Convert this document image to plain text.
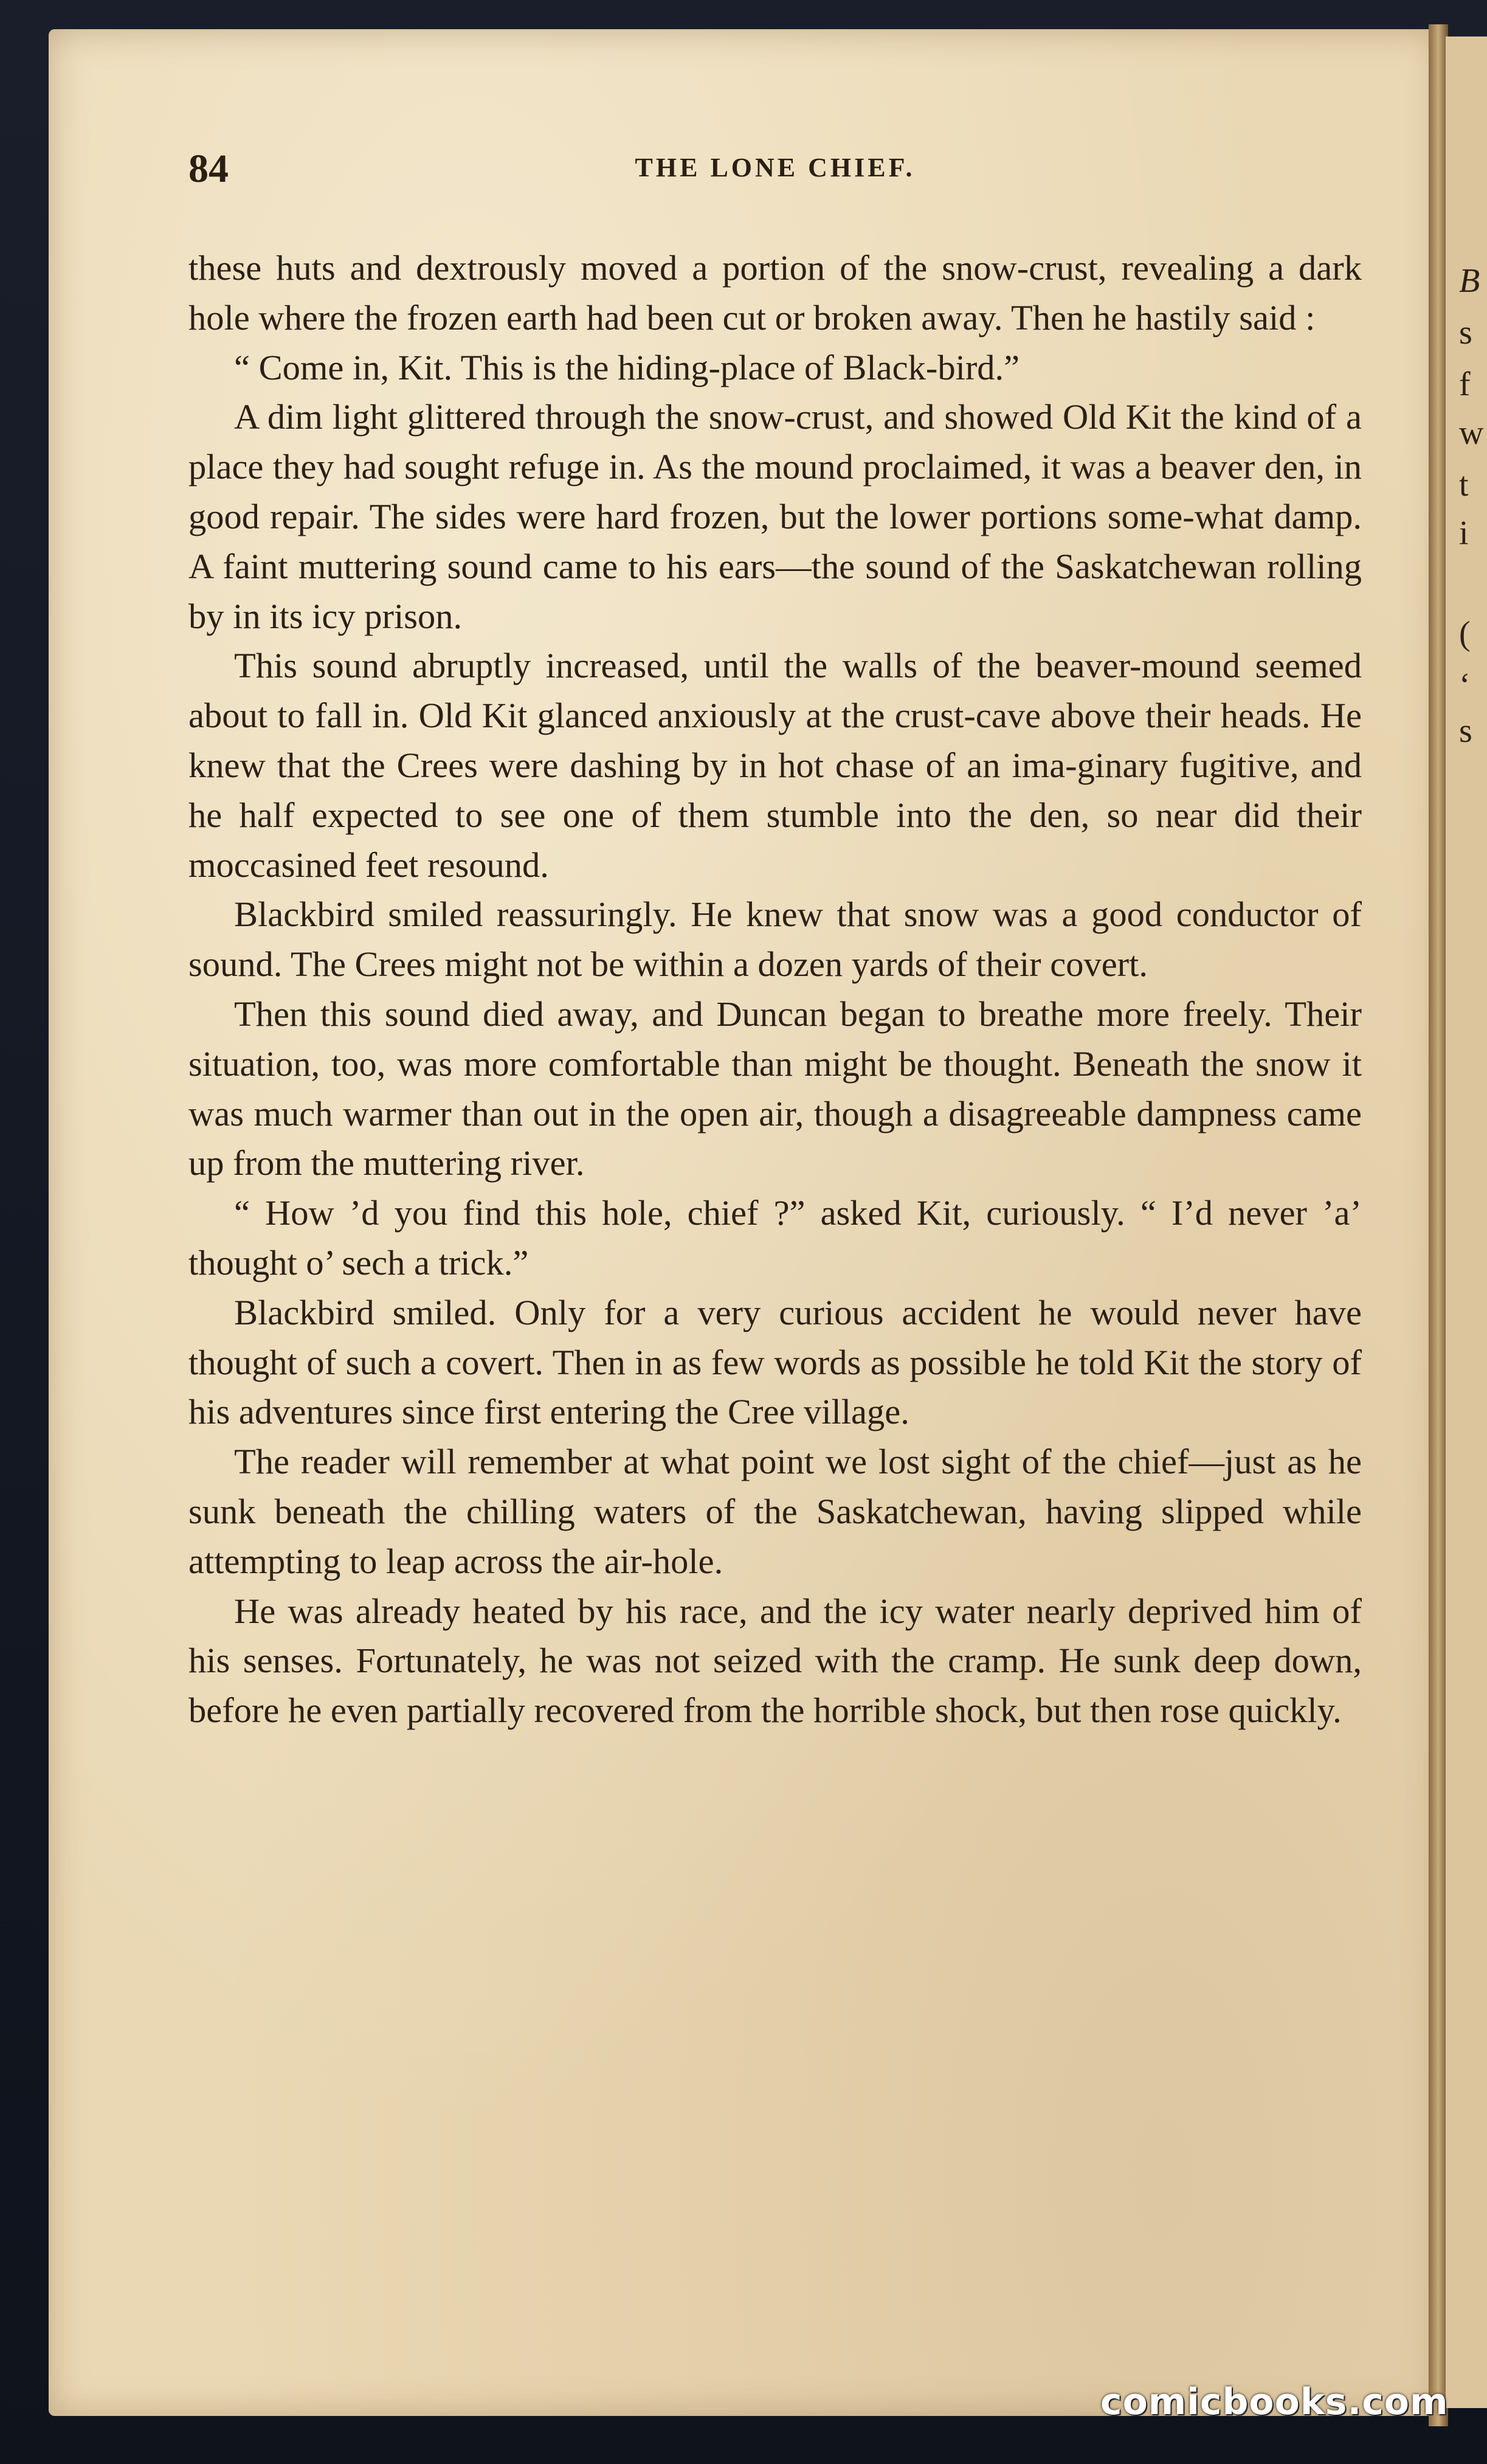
B
s
f
w
t
i
(
‘
s
84	THE LONE CHIEF.

these huts and dextrously moved a portion of the snow-crust, revealing a dark hole where the frozen earth had been cut or broken away. Then he hastily said :

“ Come in, Kit. This is the hiding-place of Black-bird.”

A dim light glittered through the snow-crust, and showed Old Kit the kind of a place they had sought refuge in. As the mound proclaimed, it was a beaver den, in good repair. The sides were hard frozen, but the lower portions some-what damp. A faint muttering sound came to his ears—the sound of the Saskatchewan rolling by in its icy prison.

This sound abruptly increased, until the walls of the beaver-mound seemed about to fall in. Old Kit glanced anxiously at the crust-cave above their heads. He knew that the Crees were dashing by in hot chase of an ima-ginary fugitive, and he half expected to see one of them stumble into the den, so near did their moccasined feet resound.

Blackbird smiled reassuringly. He knew that snow was a good conductor of sound. The Crees might not be within a dozen yards of their covert.

Then this sound died away, and Duncan began to breathe more freely. Their situation, too, was more comfortable than might be thought. Beneath the snow it was much warmer than out in the open air, though a disagreeable dampness came up from the muttering river.

“ How ’d you find this hole, chief ?” asked Kit, curiously. “ I’d never ’a’ thought o’ sech a trick.”

Blackbird smiled. Only for a very curious accident he would never have thought of such a covert. Then in as few words as possible he told Kit the story of his adventures since first entering the Cree village.

The reader will remember at what point we lost sight of the chief—just as he sunk beneath the chilling waters of the Saskatchewan, having slipped while attempting to leap across the air-hole.

He was already heated by his race, and the icy water nearly deprived him of his senses. Fortunately, he was not seized with the cramp. He sunk deep down, before he even partially recovered from the horrible shock, but then rose quickly.

comicbooks.com
